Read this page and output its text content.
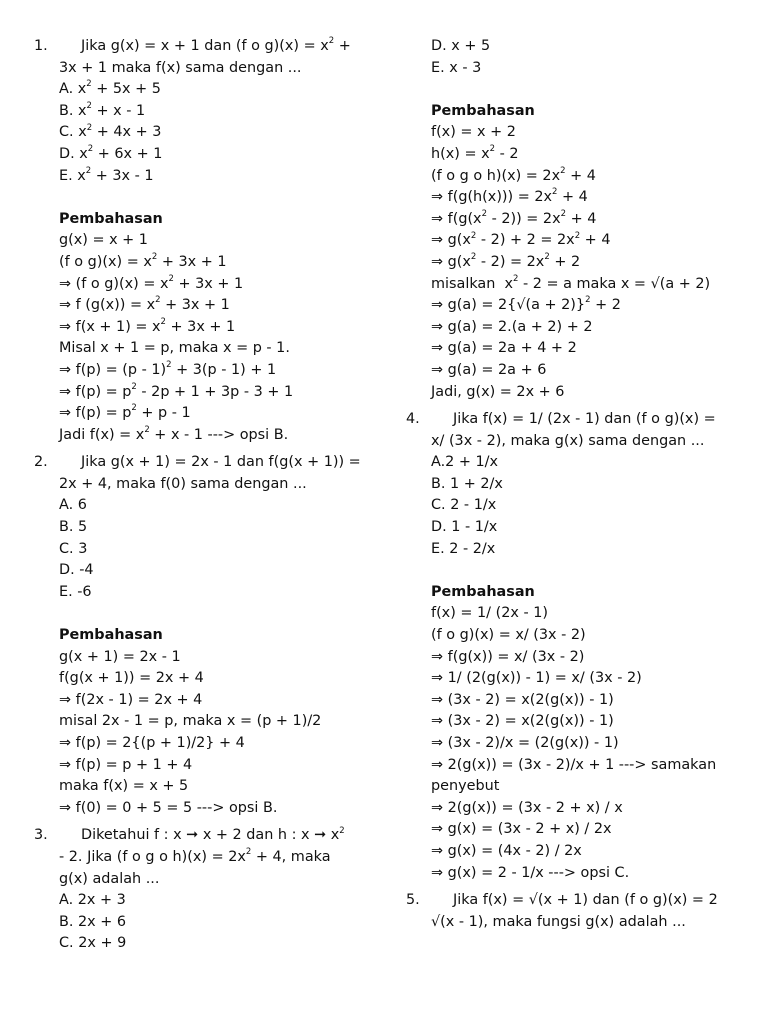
1. Jika g(x) = x + 1 dan (f o $g)(x) = x^2$ +
3x + 1 maka f(x) sama dengan ...
A. $x^2 + 5x + 5$
B. $x^2 + x - 1$
C. $x^2 + 4x + 3$
D. $x^2 + 6x + 1$
E. $x^2 + 3x - 1$
Pembahasan
g(x) = x + 1
(f o $g)(x) = x^2 + 3x + 1$
⇒ (f o $g)(x) = x^2 + 3x + 1$
⇒ f $(g(x)) = x^2 + 3x + 1$
⇒ $f(x + 1) = x^2 + 3x + 1$
Misal x + 1 = p, maka x = p - 1.
⇒ f(p) = (p - 1)$^2$ + 3(p - 1) + 1
⇒ $f(p) = p^2 - 2p + 1 + 3p - 3 + 1$
⇒ $f(p) = p^2 + p - 1$
Jadi $f(x) = x^2 + x - 1$ ---> opsi B.
2. Jika g(x + 1) = 2x - 1 dan f(g(x + 1)) =
2x + 4, maka f(0) sama dengan ...
A. 6
B. 5
C. 3
D. -4
E. -6
Pembahasan
g(x + 1) = 2x - 1
f(g(x + 1)) = 2x + 4
⇒ f(2x - 1) = 2x + 4
misal 2x - 1 = p, maka x = (p + 1)/2
⇒ f(p) = 2{(p + 1)/2} + 4
⇒ f(p) = p + 1 + 4
maka f(x) = x + 5
⇒ f(0) = 0 + 5 = 5 ---> opsi B.
3. Diketahui f : x ➞ x + 2 dan h : x ➞ $x^2$
- 2. Jika (f o g o $h)(x) = 2x^2 + 4$, maka
g(x) adalah ...
A. 2x + 3
B. 2x + 6
C. 2x + 9
D. x + 5
E. x - 3
Pembahasan
f(x) = x + 2
$h(x) = x^2 - 2$
(f o g o $h)(x) = 2x^2 + 4$
⇒ $f(g(h(x))) = 2x^2 + 4$
⇒ $f(g(x^2 - 2)) = 2x^2 + 4$
⇒ $g(x^2 - 2) + 2 = 2x^2 + 4$
⇒ $g(x^2 - 2) = 2x^2 + 2$
misalkan  $x^2 - 2 = a$ maka x = √(a + 2)
⇒ $g(a) = 2\{√(a + 2)\}^2 + 2$
⇒ g(a) = 2.(a + 2) + 2
⇒ g(a) = 2a + 4 + 2
⇒ g(a) = 2a + 6
Jadi, g(x) = 2x + 6
4. Jika f(x) = 1/ (2x - 1) dan (f o g)(x) =
x/ (3x - 2), maka g(x) sama dengan ...
A.2 + 1/x
B. 1 + 2/x
C. 2 - 1/x
D. 1 - 1/x
E. 2 - 2/x
Pembahasan
f(x) = 1/ (2x - 1)
(f o g)(x) = x/ (3x - 2)
⇒ f(g(x)) = x/ (3x - 2)
⇒ 1/ (2(g(x)) - 1) = x/ (3x - 2)
⇒ (3x - 2) = x(2(g(x)) - 1)
⇒ (3x - 2) = x(2(g(x)) - 1)
⇒ (3x - 2)/x = (2(g(x)) - 1)
⇒ 2(g(x)) = (3x - 2)/x + 1 ---> samakan
penyebut
⇒ 2(g(x)) = (3x - 2 + x) / x
⇒ g(x) = (3x - 2 + x) / 2x
⇒ g(x) = (4x - 2) / 2x
⇒ g(x) = 2 - 1/x ---> opsi C.
5. Jika f(x) = √(x + 1) dan (f o g)(x) = 2
√(x - 1), maka fungsi g(x) adalah ...
